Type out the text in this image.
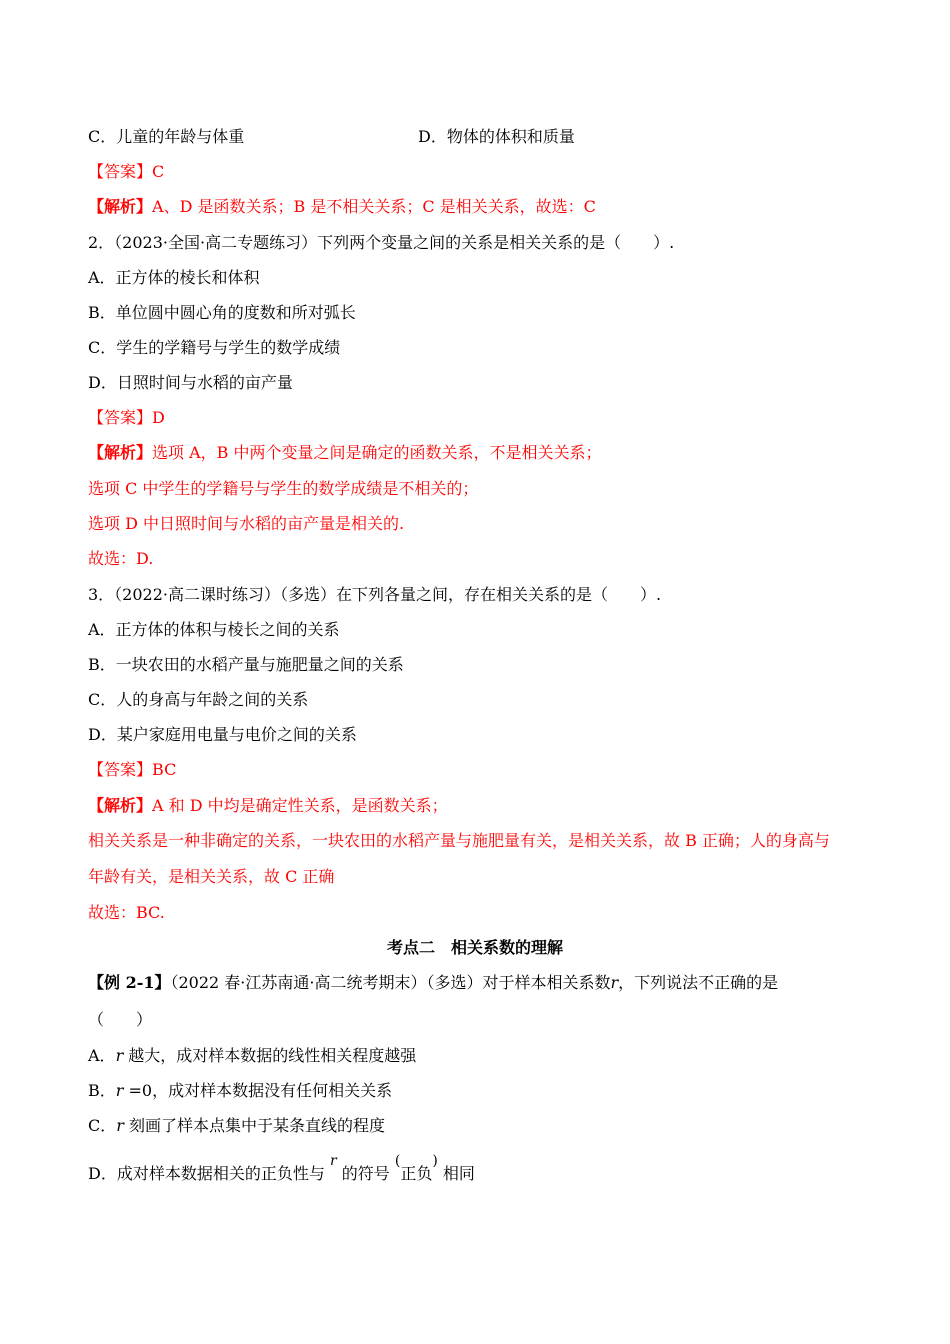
C．儿童的年龄与体重	D．物体的体积和质量
【答案】C
【解析】A、D 是函数关系；B 是不相关关系；C 是相关关系，故选：C
2．（2023·全国·高二专题练习）下列两个变量之间的关系是相关关系的是（　　）.
A．正方体的棱长和体积
B．单位圆中圆心角的度数和所对弧长
C．学生的学籍号与学生的数学成绩
D．日照时间与水稻的亩产量
【答案】D
【解析】选项 A，B 中两个变量之间是确定的函数关系，不是相关关系；
选项 C 中学生的学籍号与学生的数学成绩是不相关的；
选项 D 中日照时间与水稻的亩产量是相关的.
故选：D.
3．（2022·高二课时练习）（多选）在下列各量之间，存在相关关系的是（　　）.
A．正方体的体积与棱长之间的关系
B．一块农田的水稻产量与施肥量之间的关系
C．人的身高与年龄之间的关系
D．某户家庭用电量与电价之间的关系
【答案】BC
【解析】A 和 D 中均是确定性关系，是函数关系；
相关关系是一种非确定的关系，一块农田的水稻产量与施肥量有关，是相关关系，故 B 正确；人的身高与
年龄有关，是相关关系，故 C 正确
故选：BC.
考点二　相关系数的理解
【例 2-1】（2022 春·江苏南通·高二统考期末）（多选）对于样本相关系数r，下列说法不正确的是
（　　）
A．r 越大，成对样本数据的线性相关程度越强
B．r =0，成对样本数据没有任何相关关系
C．r 刻画了样本点集中于某条直线的程度
D．成对样本数据相关的正负性与 r 的符号 (正负) 相同
